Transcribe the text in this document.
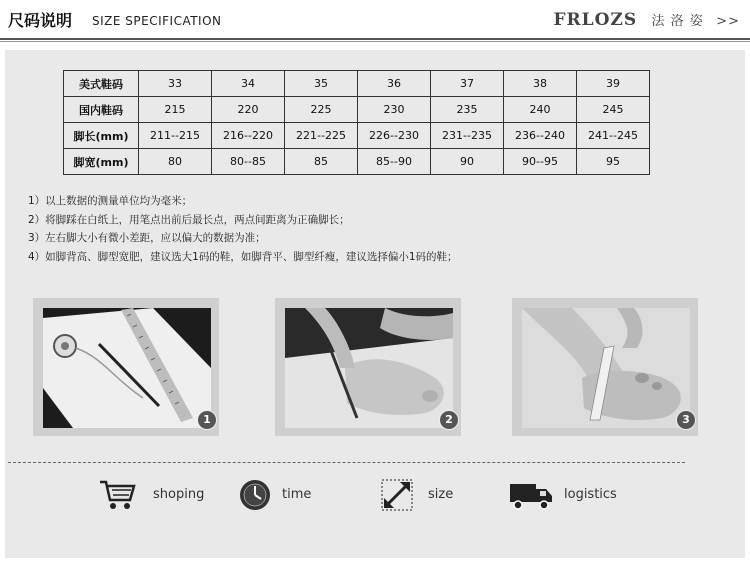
尺码说明 SIZE SPECIFICATION	FRLOZS 法 洛 姿 >>
美式鞋码	33	34	35	36	37	38	39
国内鞋码	215	220	225	230	235	240	245
脚长(mm)	211--215	216--220	221--225	226--230	231--235	236--240	241--245
脚宽(mm)	80	80--85	85	85--90	90	90--95	95
1）以上数据的测量单位均为毫米；
2）将脚踩在白纸上，用笔点出前后最长点，两点间距离为正确脚长；
3）左右脚大小有微小差距，应以偏大的数据为准；
4）如脚背高、脚型宽肥，建议选大1码的鞋，如脚背平、脚型纤瘦，建议选择偏小1码的鞋；
1	2	3
shoping	time	size	logistics
